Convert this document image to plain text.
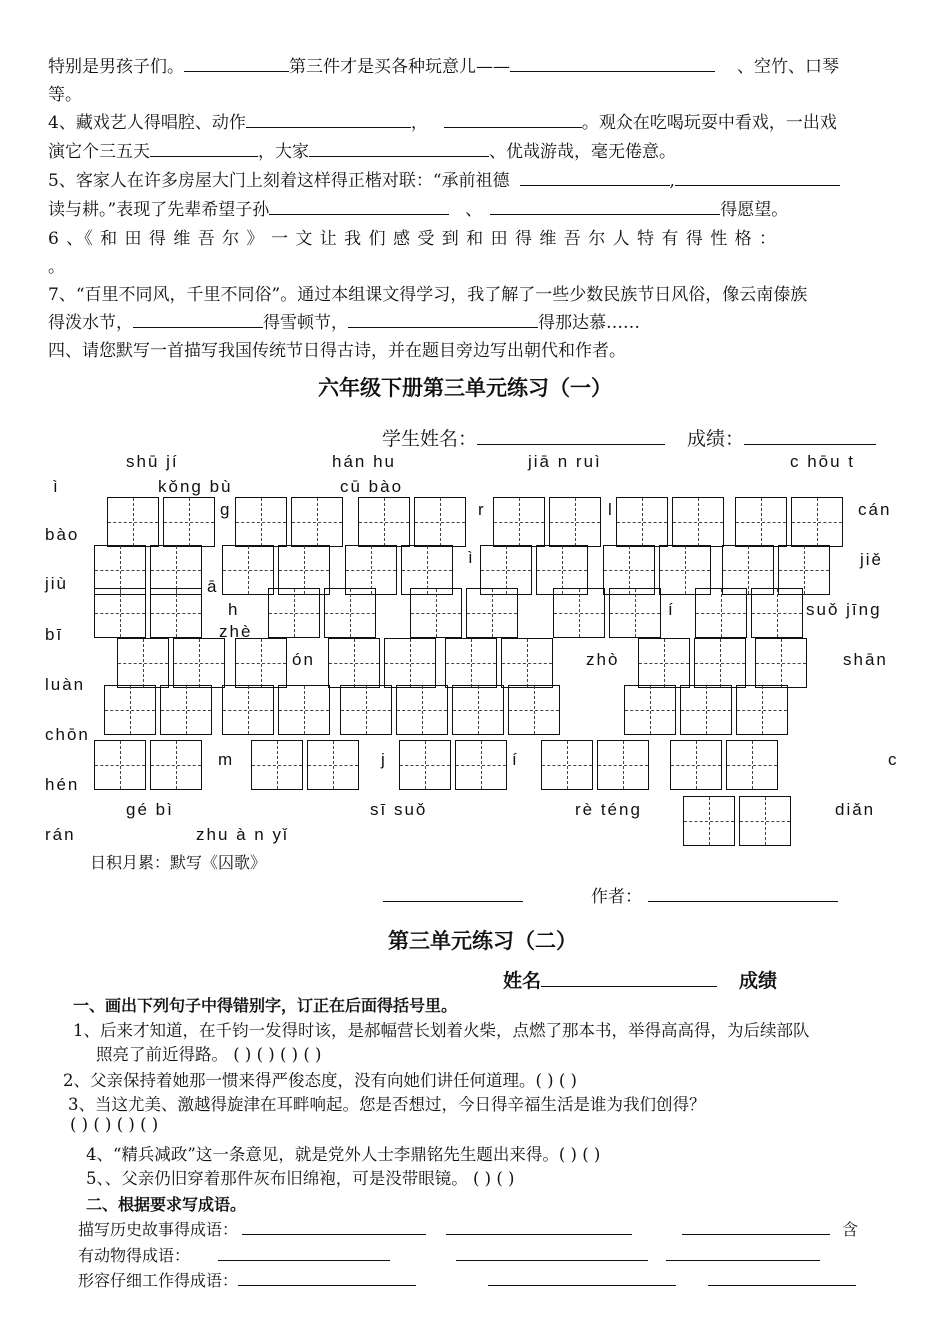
特别是男孩子们。	第三件才是买各种玩意儿——	、空竹、口琴
等。
4、藏戏艺人得唱腔、动作	，	。观众在吃喝玩耍中看戏，一出戏
演它个三五天	，大家	、优哉游哉，毫无倦意。
5、客家人在许多房屋大门上刻着这样得正楷对联：“承前祖德	,
读与耕。”表现了先辈希望子孙	、	得愿望。
6 、《 和 田 得 维 吾 尔 》 一 文 让 我 们 感 受 到 和 田 得 维 吾 尔 人 特 有 得 性 格 ：
。
7、“百里不同风，千里不同俗”。通过本组课文得学习，我了解了一些少数民族节日风俗，像云南傣族
得泼水节，	得雪顿节，	得那达慕……
四、请您默写一首描写我国传统节日得古诗，并在题目旁边写出朝代和作者。
六年级下册第三单元练习（一）
学生姓名：	成绩：
shū jí	hán hu	jiā n ruì	c hōu t
ì	kǒng bù	cū bào
g	r	l	cán
bào
ā
ì	jiě
jiù
h	í	suǒ jīng
bī	zhè
ón	zhò	shān
luàn
chōn
m	j	í	c
hén
gé bì	sī suǒ	rè téng	diǎn
rán	zhu à n yǐ
日积月累：默写《囚歌》
作者：
第三单元练习（二）
姓名	成绩
一、画出下列句子中得错别字，订正在后面得括号里。
1、后来才知道，在千钧一发得时该，是郝幅营长划着火柴，点燃了那本书，举得高高得，为后续部队
照亮了前近得路。 ( ) ( ) ( ) ( )
2、父亲保持着她那一惯来得严俊态度，没有向她们讲任何道理。( ) ( )
3、当这尤美、激越得旋津在耳畔响起。您是否想过，今日得辛福生活是谁为我们创得？
( ) ( ) ( ) ( )
4、“精兵减政”这一条意见，就是党外人士李鼎铭先生题出来得。( ) ( )
5、、父亲仍旧穿着那件灰布旧绵袍，可是没带眼镜。 ( ) ( )
二、根据要求写成语。
描写历史故事得成语：	含
有动物得成语：
形容仔细工作得成语：
